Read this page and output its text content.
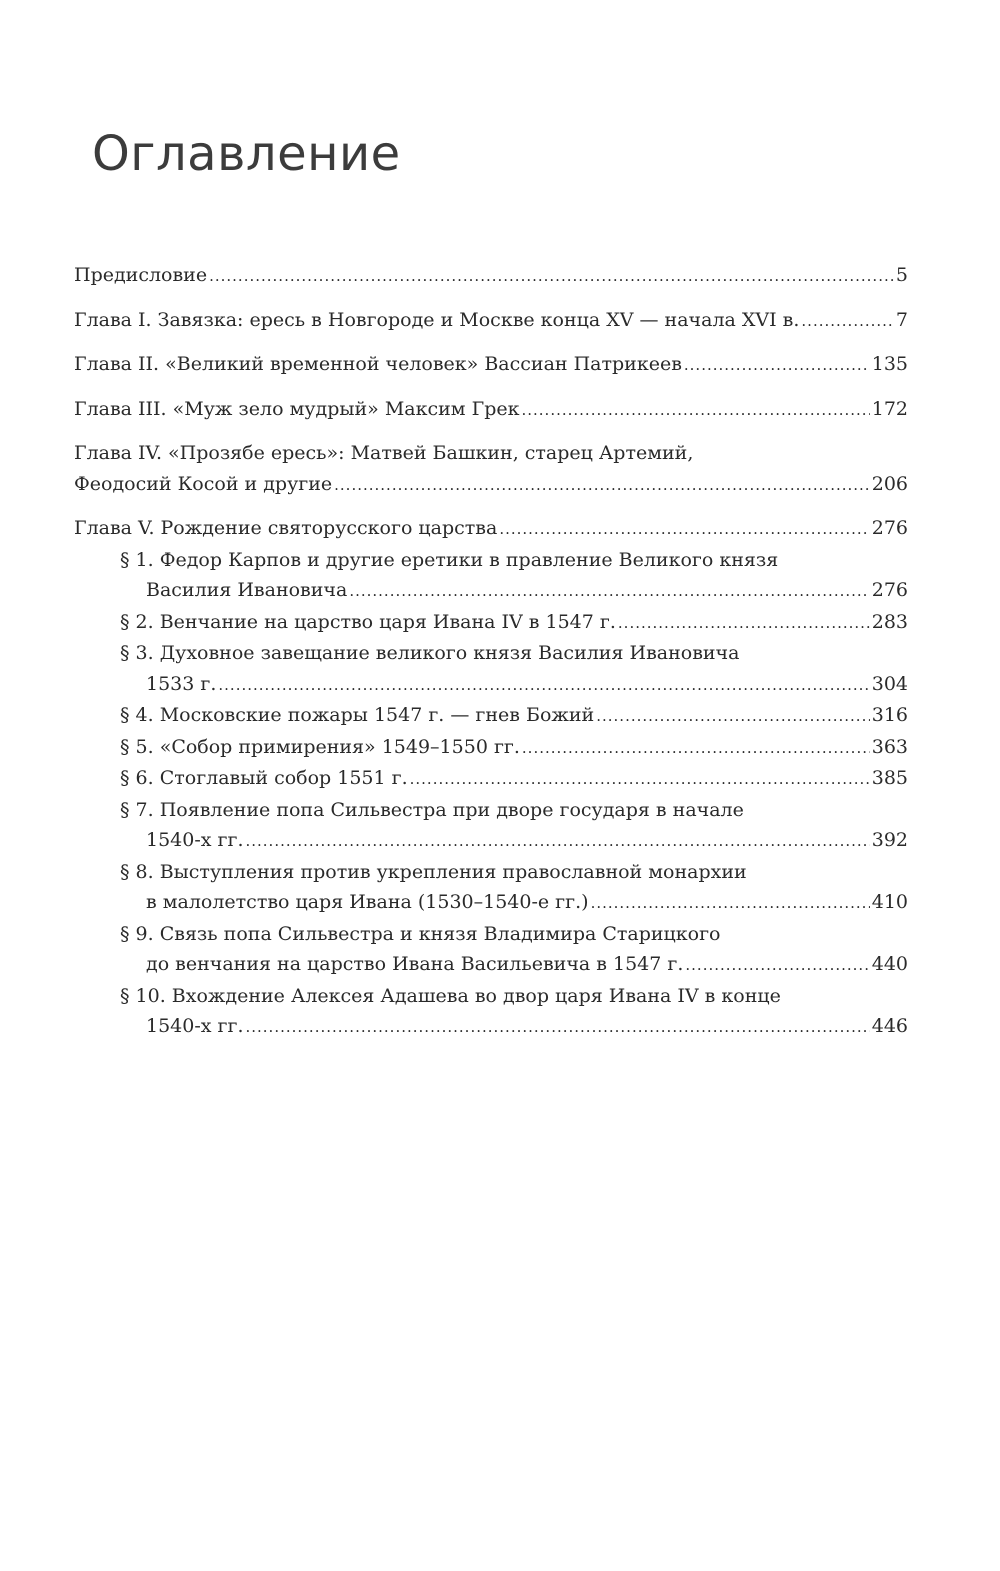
Оглавление
Предисловие .....	5
Глава I. Завязка: ересь в Новгороде и Москве конца XV — начала XVI в. .....	7
Глава II. «Великий временной человек» Вассиан Патрикеев .....	135
Глава III. «Муж зело мудрый» Максим Грек .....	172
Глава IV. «Прозябе ересь»: Матвей Башкин, старец Артемий,
Феодосий Косой и другие .....	206
Глава V. Рождение святорусского царства .....	276
§ 1. Федор Карпов и другие еретики в правление Великого князя
Василия Ивановича .....	276
§ 2. Венчание на царство царя Ивана IV в 1547 г. .....	283
§ 3. Духовное завещание великого князя Василия Ивановича
1533 г. .....	304
§ 4. Московские пожары 1547 г. — гнев Божий .....	316
§ 5. «Собор примирения» 1549–1550 гг. .....	363
§ 6. Стоглавый собор 1551 г. .....	385
§ 7. Появление попа Сильвестра при дворе государя в начале
1540-х гг. .....	392
§ 8. Выступления против укрепления православной монархии
в малолетство царя Ивана (1530–1540-е гг.) .....	410
§ 9. Связь попа Сильвестра и князя Владимира Старицкого
до венчания на царство Ивана Васильевича в 1547 г. .....	440
§ 10. Вхождение Алексея Адашева во двор царя Ивана IV в конце
1540-х гг. .....	446
